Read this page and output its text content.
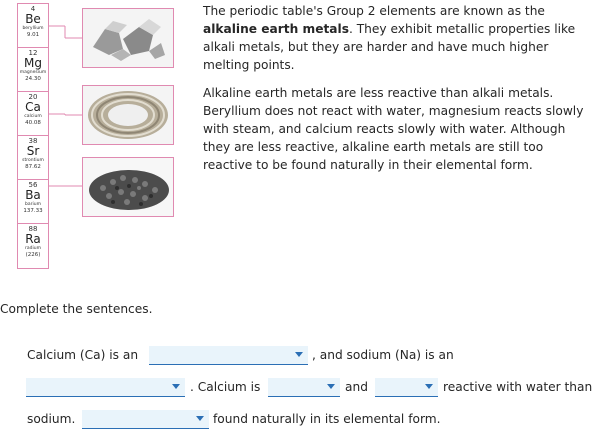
4
Be
beryllium
9.01
12
Mg
magnesium
24.30
20
Ca
calcium
40.08
38
Sr
strontium
87.62
56
Ba
barium
137.33
88
Ra
radium
(226)

The periodic table's Group 2 elements are known as the alkaline earth metals. They exhibit metallic properties like alkali metals, but they are harder and have much higher melting points.

Alkaline earth metals are less reactive than alkali metals. Beryllium does not react with water, magnesium reacts slowly with steam, and calcium reacts slowly with water. Although they are less reactive, alkaline earth metals are still too reactive to be found naturally in their elemental form.

Complete the sentences.
Calcium (Ca) is an	, and sodium (Na) is an
. Calcium is	and	reactive with water than
sodium.	found naturally in its elemental form.
